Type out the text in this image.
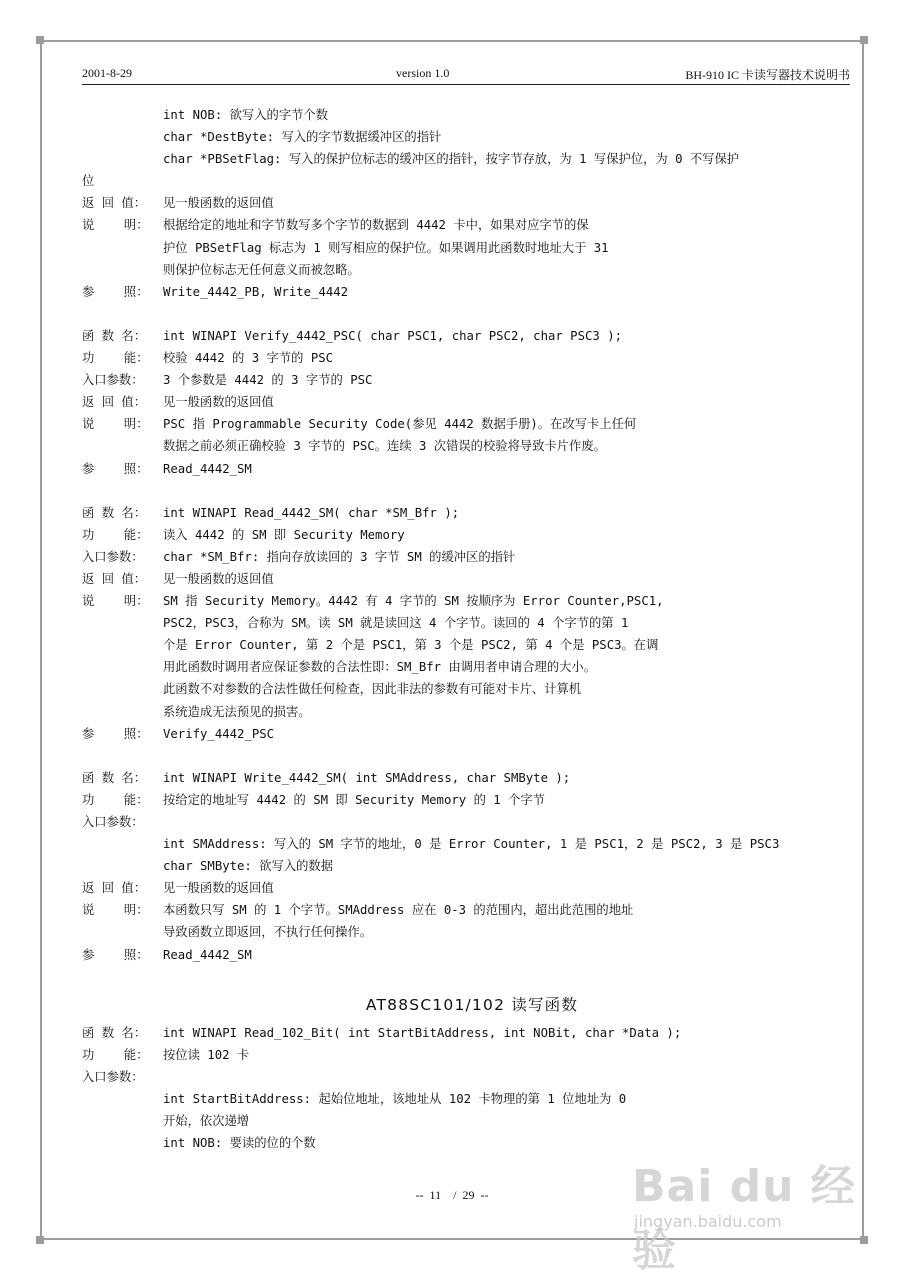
2001-8-29	version 1.0	BH-910 IC 卡读写器技术说明书
int NOB: 欲写入的字节个数
char *DestByte: 写入的字节数据缓冲区的指针
char *PBSetFlag: 写入的保护位标志的缓冲区的指针，按字节存放，为 1 写保护位，为 0 不写保护
位
返 回 值： 见一般函数的返回值
说    明： 根据给定的地址和字节数写多个字节的数据到 4442 卡中，如果对应字节的保
护位 PBSetFlag 标志为 1 则写相应的保护位。如果调用此函数时地址大于 31
则保护位标志无任何意义而被忽略。
参    照： Write_4442_PB, Write_4442
函 数 名： int WINAPI Verify_4442_PSC( char PSC1, char PSC2, char PSC3 );
功    能： 校验 4442 的 3 字节的 PSC
入口参数： 3 个参数是 4442 的 3 字节的 PSC
返 回 值： 见一般函数的返回值
说    明： PSC 指 Programmable Security Code(参见 4442 数据手册)。在改写卡上任何
数据之前必须正确校验 3 字节的 PSC。连续 3 次错误的校验将导致卡片作废。
参    照： Read_4442_SM
函 数 名： int WINAPI Read_4442_SM( char *SM_Bfr );
功    能： 读入 4442 的 SM 即 Security Memory
入口参数： char *SM_Bfr: 指向存放读回的 3 字节 SM 的缓冲区的指针
返 回 值： 见一般函数的返回值
说    明： SM 指 Security Memory。4442 有 4 字节的 SM 按顺序为 Error Counter,PSC1,
PSC2，PSC3，合称为 SM。读 SM 就是读回这 4 个字节。读回的 4 个字节的第 1
个是 Error Counter, 第 2 个是 PSC1，第 3 个是 PSC2, 第 4 个是 PSC3。在调
用此函数时调用者应保证参数的合法性即：SM_Bfr 由调用者申请合理的大小。
此函数不对参数的合法性做任何检查，因此非法的参数有可能对卡片、计算机
系统造成无法预见的损害。
参    照： Verify_4442_PSC
函 数 名： int WINAPI Write_4442_SM( int SMAddress, char SMByte );
功    能： 按给定的地址写 4442 的 SM 即 Security Memory 的 1 个字节
入口参数：
int SMAddress: 写入的 SM 字节的地址，0 是 Error Counter, 1 是 PSC1，2 是 PSC2, 3 是 PSC3
char SMByte: 欲写入的数据
返 回 值： 见一般函数的返回值
说    明： 本函数只写 SM 的 1 个字节。SMAddress 应在 0-3 的范围内，超出此范围的地址
导致函数立即返回，不执行任何操作。
参    照： Read_4442_SM
AT88SC101/102 读写函数
函 数 名： int WINAPI Read_102_Bit( int StartBitAddress, int NOBit, char *Data );
功    能： 按位读 102 卡
入口参数：
int StartBitAddress: 起始位地址，该地址从 102 卡物理的第 1 位地址为 0
开始，依次递增
int NOB: 要读的位的个数
--  11    /  29  --	Bai du 经验
jingyan.baidu.com
